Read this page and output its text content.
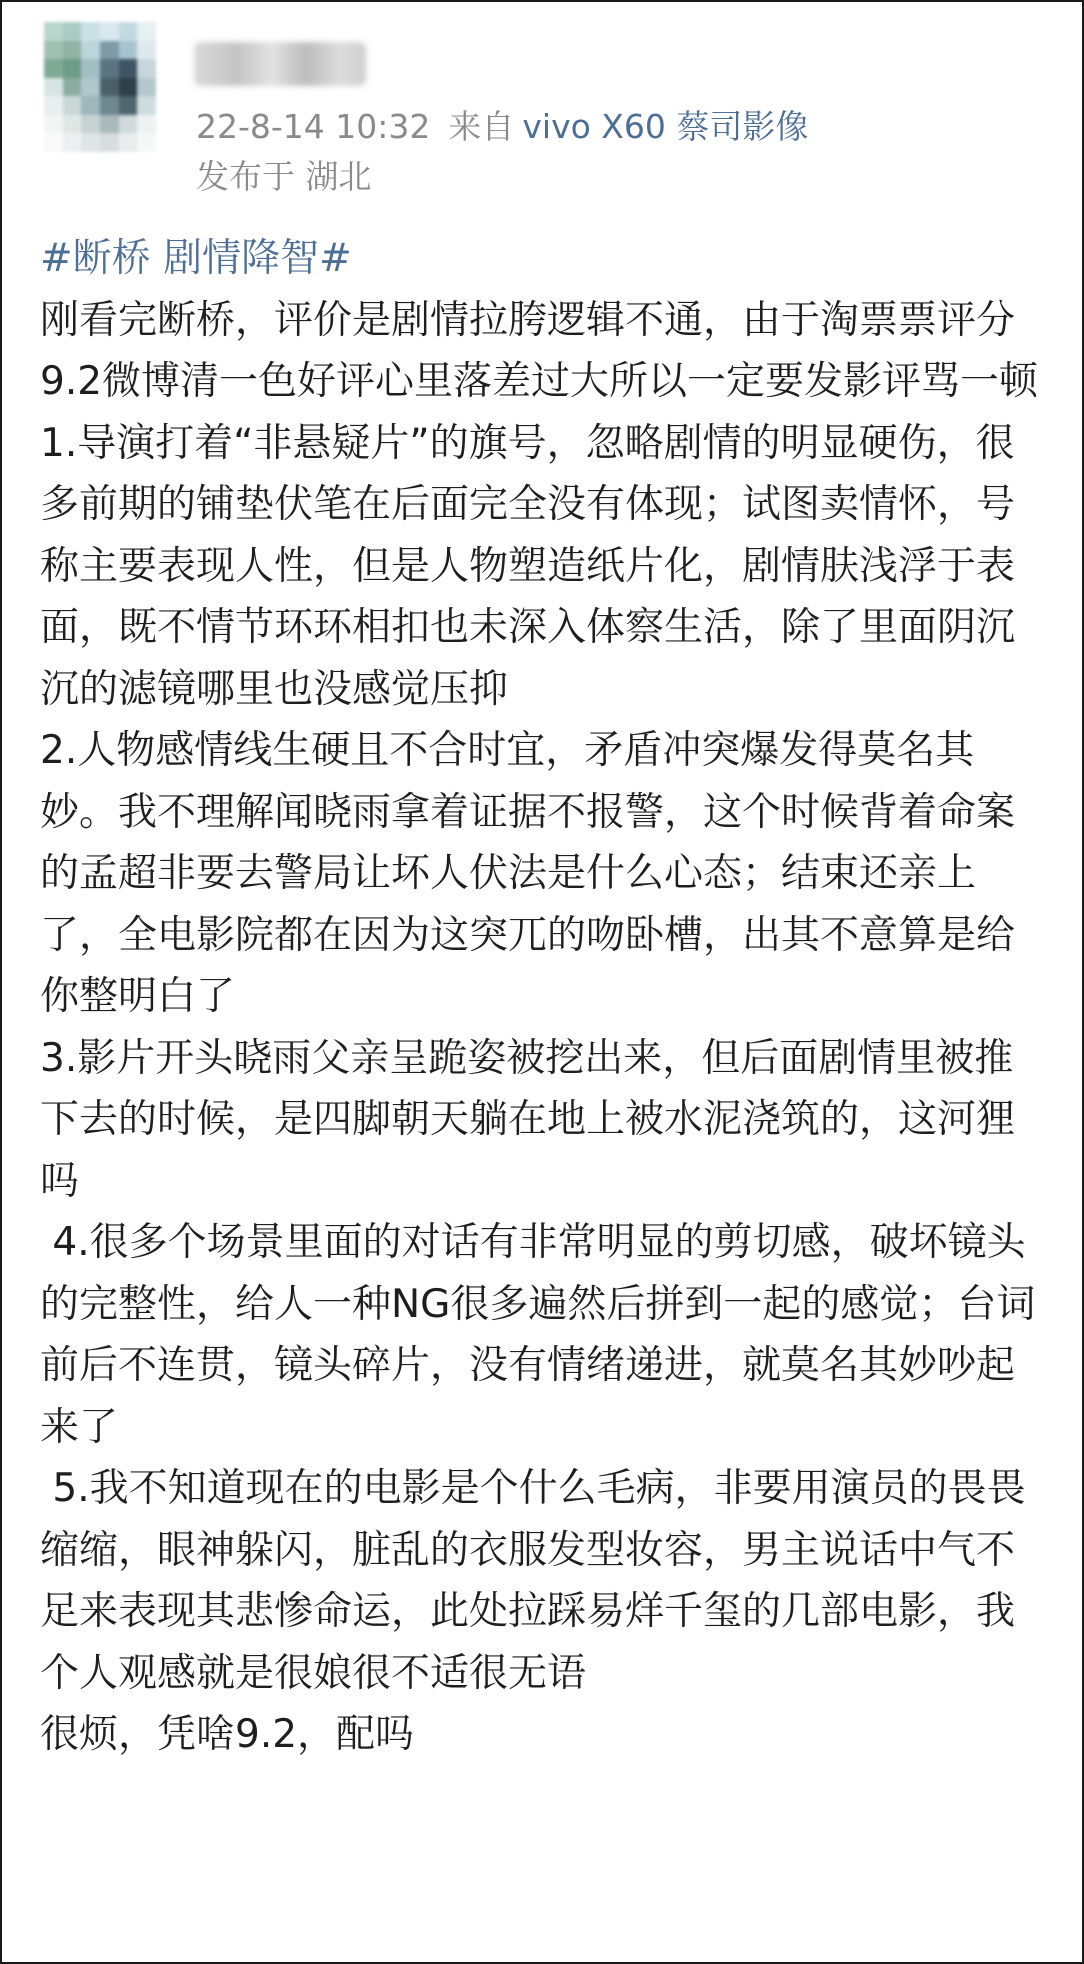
22-8-14 10:32 来自 vivo X60 蔡司影像
发布于 湖北

#断桥 剧情降智#

刚看完断桥，评价是剧情拉胯逻辑不通，由于淘票票评分9.2微博清一色好评心里落差过大所以一定要发影评骂一顿

1.导演打着“非悬疑片”的旗号，忽略剧情的明显硬伤，很多前期的铺垫伏笔在后面完全没有体现；试图卖情怀，号称主要表现人性，但是人物塑造纸片化，剧情肤浅浮于表面，既不情节环环相扣也未深入体察生活，除了里面阴沉沉的滤镜哪里也没感觉压抑

2.人物感情线生硬且不合时宜，矛盾冲突爆发得莫名其妙。我不理解闻晓雨拿着证据不报警，这个时候背着命案的孟超非要去警局让坏人伏法是什么心态；结束还亲上了，全电影院都在因为这突兀的吻卧槽，出其不意算是给你整明白了

3.影片开头晓雨父亲呈跪姿被挖出来，但后面剧情里被推下去的时候，是四脚朝天躺在地上被水泥浇筑的，这河狸吗

4.很多个场景里面的对话有非常明显的剪切感，破坏镜头的完整性，给人一种NG很多遍然后拼到一起的感觉；台词前后不连贯，镜头碎片，没有情绪递进，就莫名其妙吵起来了

5.我不知道现在的电影是个什么毛病，非要用演员的畏畏缩缩，眼神躲闪，脏乱的衣服发型妆容，男主说话中气不足来表现其悲惨命运，此处拉踩易烊千玺的几部电影，我个人观感就是很娘很不适很无语

很烦，凭啥9.2，配吗
